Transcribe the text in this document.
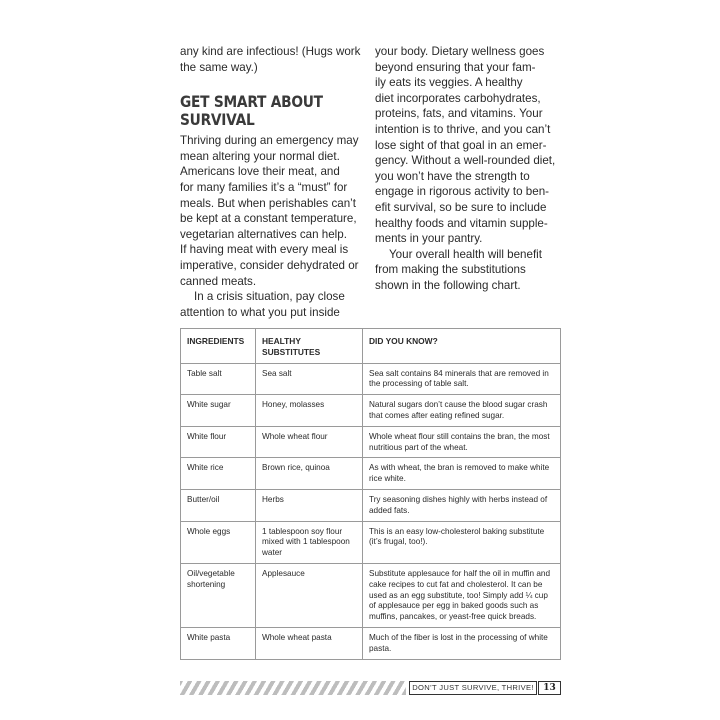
any kind are infectious! (Hugs work
the same way.)

GET SMART ABOUT
SURVIVAL

Thriving during an emergency may
mean altering your normal diet.
Americans love their meat, and
for many families it’s a “must” for
meals. But when perishables can’t
be kept at a constant temperature,
vegetarian alternatives can help.
If having meat with every meal is
imperative, consider dehydrated or
canned meats.

In a crisis situation, pay close
attention to what you put inside

your body. Dietary wellness goes
beyond ensuring that your fam-
ily eats its veggies. A healthy
diet incorporates carbohydrates,
proteins, fats, and vitamins. Your
intention is to thrive, and you can’t
lose sight of that goal in an emer-
gency. Without a well-rounded diet,
you won’t have the strength to
engage in rigorous activity to ben-
efit survival, so be sure to include
healthy foods and vitamin supple-
ments in your pantry.

Your overall health will benefit
from making the substitutions
shown in the following chart.

INGREDIENTS	HEALTHY SUBSTITUTES	DID YOU KNOW?
Table salt	Sea salt	Sea salt contains 84 minerals that are removed in the processing of table salt.
White sugar	Honey, molasses	Natural sugars don’t cause the blood sugar crash that comes after eating refined sugar.
White flour	Whole wheat flour	Whole wheat flour still contains the bran, the most nutritious part of the wheat.
White rice	Brown rice, quinoa	As with wheat, the bran is removed to make white rice white.
Butter/oil	Herbs	Try seasoning dishes highly with herbs instead of added fats.
Whole eggs	1 tablespoon soy flour mixed with 1 tablespoon water	This is an easy low-cholesterol baking substitute (it’s frugal, too!).
Oil/vegetable shortening	Applesauce	Substitute applesauce for half the oil in muffin and cake recipes to cut fat and cholesterol. It can be used as an egg substitute, too! Simply add ¼ cup of applesauce per egg in baked goods such as muffins, pancakes, or yeast-free quick breads.
White pasta	Whole wheat pasta	Much of the fiber is lost in the processing of white pasta.
DON’T JUST SURVIVE, THRIVE!	13
